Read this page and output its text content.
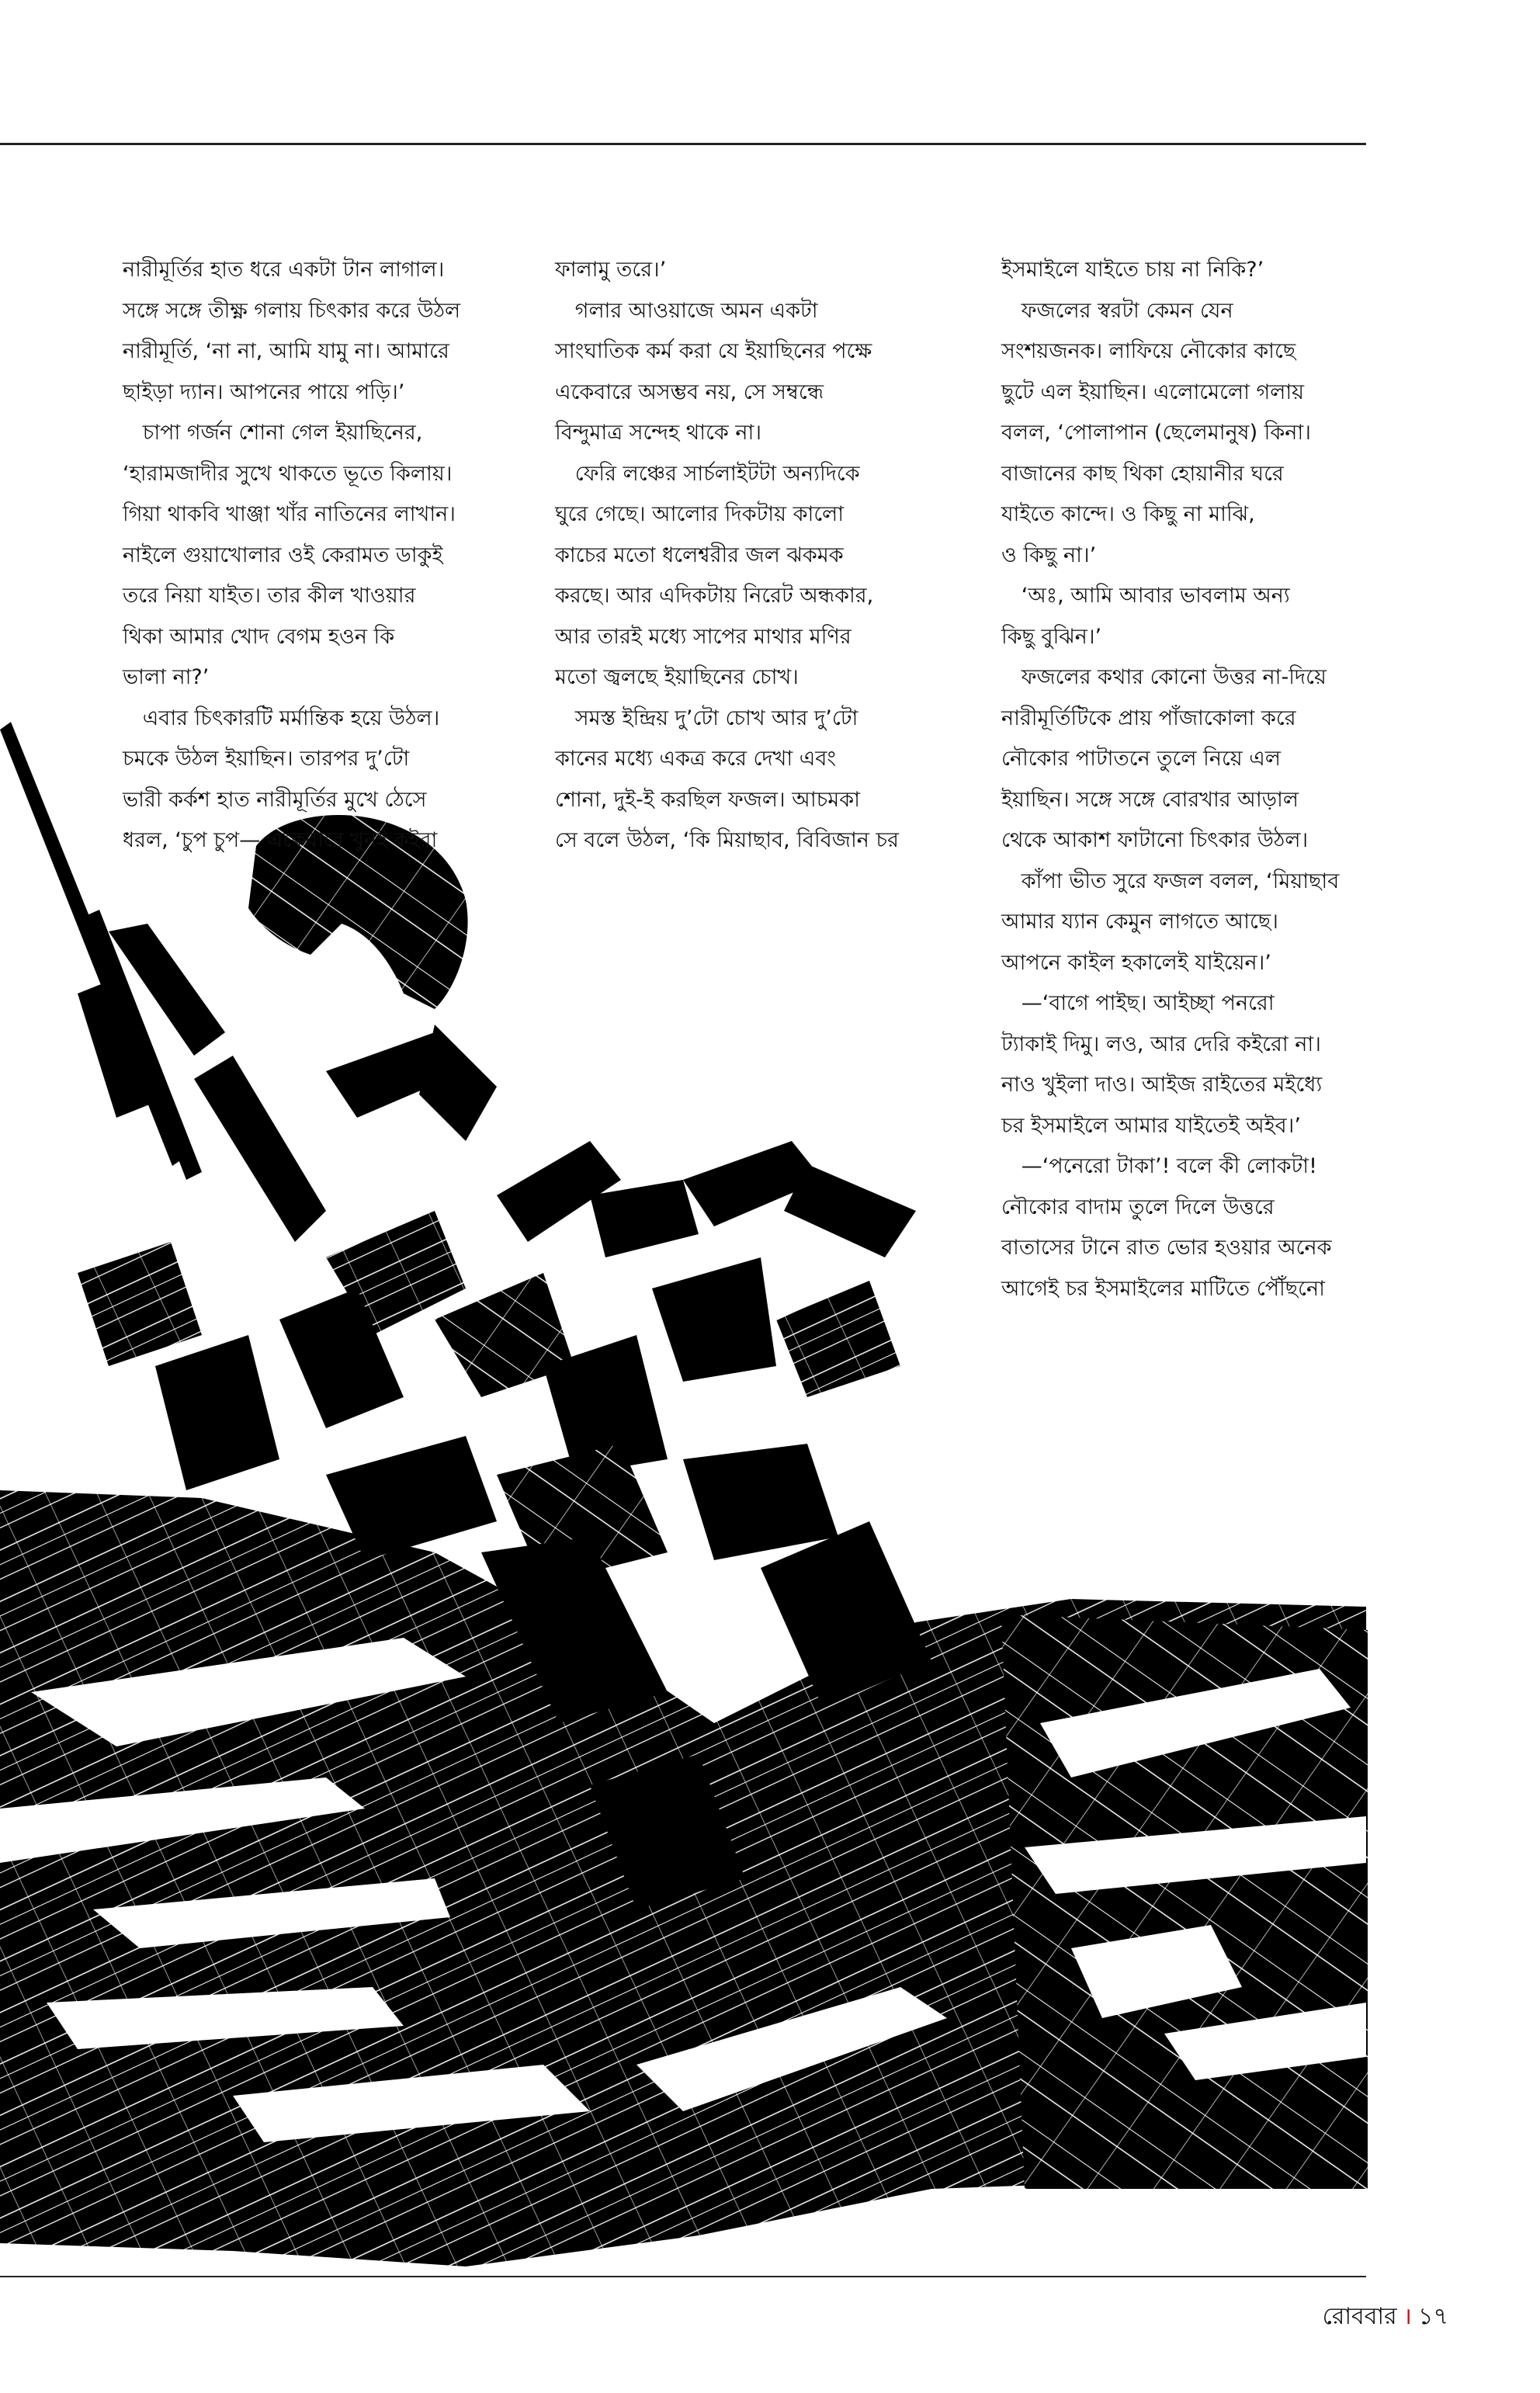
নারীমূর্তির হাত ধরে একটা টান লাগাল।

সঙ্গে সঙ্গে তীক্ষ্ণ গলায় চিৎকার করে উঠল

নারীমূর্তি, ‘না না, আমি যামু না। আমারে

ছাইড়া দ্যান। আপনের পায়ে পড়ি।’

চাপা গর্জন শোনা গেল ইয়াছিনের,

‘হারামজাদীর সুখে থাকতে ভূতে কিলায়।

গিয়া থাকবি খাঞ্জা খাঁর নাতিনের লাখান।

নাইলে গুয়াখোলার ওই কেরামত ডাকুই

তরে নিয়া যাইত। তার কীল খাওয়ার

থিকা আমার খোদ বেগম হওন কি

ভালা না?’

এবার চিৎকারটি মর্মান্তিক হয়ে উঠল।

চমকে উঠল ইয়াছিন। তারপর দু’টো

ভারী কর্কশ হাত নারীমূর্তির মুখে ঠেসে

ধরল, ‘চুপ চুপ— একেবারে খুনই কইরা

ফালামু তরে।’

গলার আওয়াজে অমন একটা

সাংঘাতিক কর্ম করা যে ইয়াছিনের পক্ষে

একেবারে অসম্ভব নয়, সে সম্বন্ধে

বিন্দুমাত্র সন্দেহ থাকে না।

ফেরি লঞ্চের সার্চলাইটটা অন্যদিকে

ঘুরে গেছে। আলোর দিকটায় কালো

কাচের মতো ধলেশ্বরীর জল ঝকমক

করছে। আর এদিকটায় নিরেট অন্ধকার,

আর তারই মধ্যে সাপের মাথার মণির

মতো জ্বলছে ইয়াছিনের চোখ।

সমস্ত ইন্দ্রিয় দু’টো চোখ আর দু’টো

কানের মধ্যে একত্র করে দেখা এবং

শোনা, দুই-ই করছিল ফজল। আচমকা

সে বলে উঠল, ‘কি মিয়াছাব, বিবিজান চর

ইসমাইলে যাইতে চায় না নিকি?’

ফজলের স্বরটা কেমন যেন

সংশয়জনক। লাফিয়ে নৌকোর কাছে

ছুটে এল ইয়াছিন। এলোমেলো গলায়

বলল, ‘পোলাপান (ছেলেমানুষ) কিনা।

বাজানের কাছ থিকা হোয়ানীর ঘরে

যাইতে কান্দে। ও কিছু না মাঝি,

ও কিছু না।’

‘অঃ, আমি আবার ভাবলাম অন্য

কিছু বুঝিন।’

ফজলের কথার কোনো উত্তর না-দিয়ে

নারীমূর্তিটিকে প্রায় পাঁজাকোলা করে

নৌকোর পাটাতনে তুলে নিয়ে এল

ইয়াছিন। সঙ্গে সঙ্গে বোরখার আড়াল

থেকে আকাশ ফাটানো চিৎকার উঠল।

কাঁপা ভীত সুরে ফজল বলল, ‘মিয়াছাব

আমার য্যান কেমুন লাগতে আছে।

আপনে কাইল হকালেই যাইয়েন।’

—‘বাগে পাইছ। আইচ্ছা পনরো

ট্যাকাই দিমু। লও, আর দেরি কইরো না।

নাও খুইলা দাও। আইজ রাইতের মইধ্যে

চর ইসমাইলে আমার যাইতেই অইব।’

—‘পনেরো টাকা’! বলে কী লোকটা!

নৌকোর বাদাম তুলে দিলে উত্তরে

বাতাসের টানে রাত ভোর হওয়ার অনেক

আগেই চর ইসমাইলের মাটিতে পৌঁছনো

রোববার । ১৭
